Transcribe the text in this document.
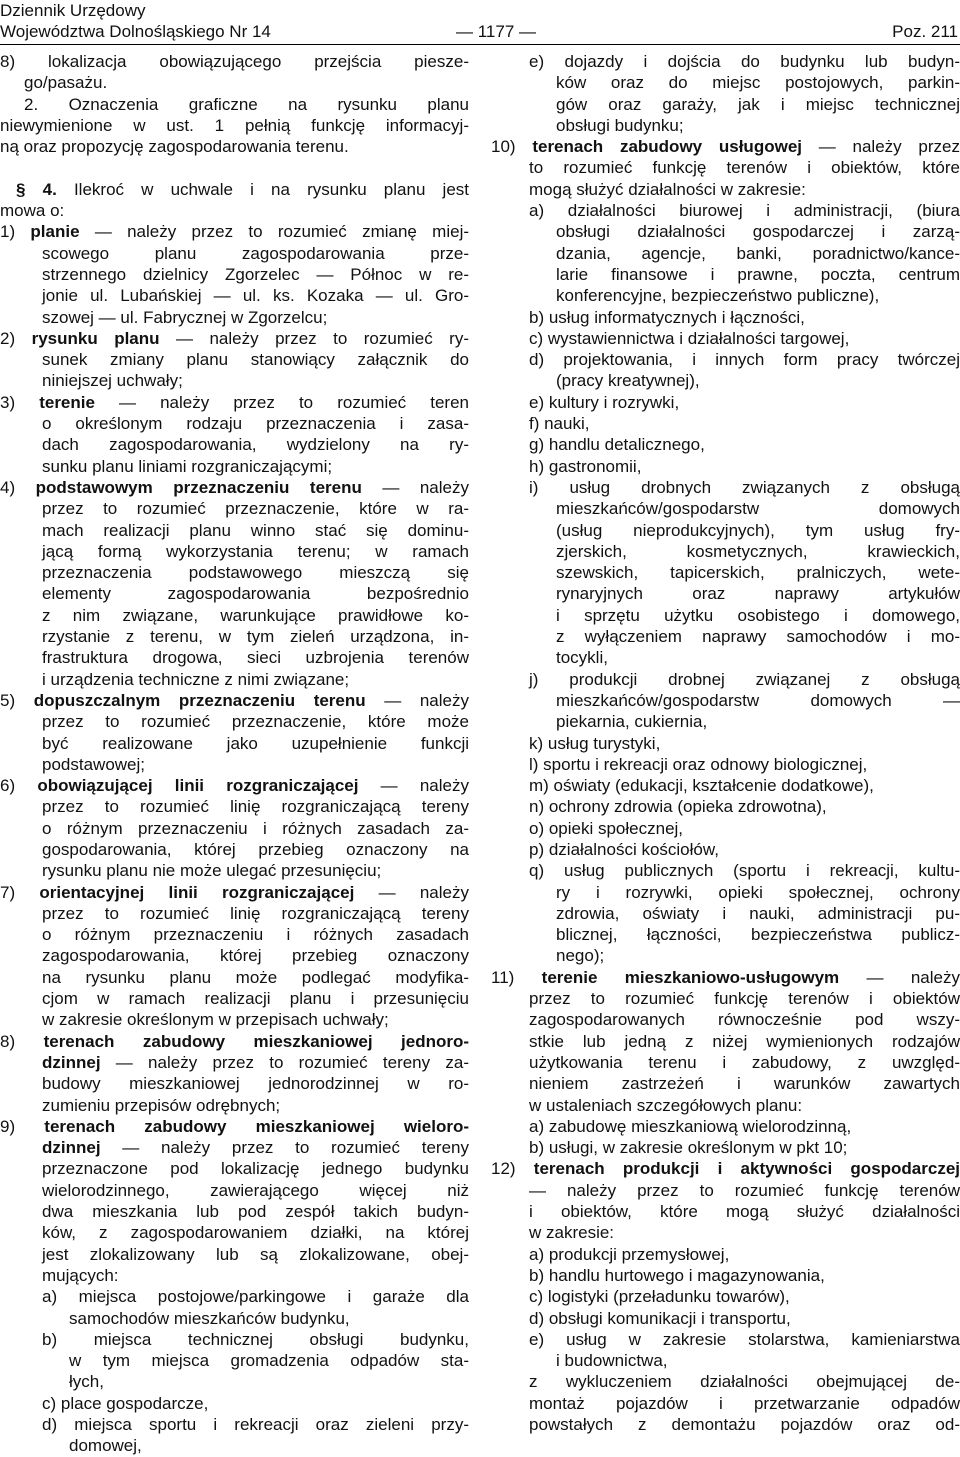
Dziennik Urzędowy
Województwa Dolnośląskiego Nr 14	— 1177 —	Poz. 211
8) lokalizacja obowiązującego przejścia piesze-
go/pasażu.
2. Oznaczenia graficzne na rysunku planu
niewymienione w ust. 1 pełnią funkcję informacyj-
ną oraz propozycję zagospodarowania terenu.
§ 4. Ilekroć w uchwale i na rysunku planu jest
mowa o:
1) planie — należy przez to rozumieć zmianę miej-
scowego planu zagospodarowania prze-
strzennego dzielnicy Zgorzelec — Północ w re-
jonie ul. Lubańskiej — ul. ks. Kozaka — ul. Gro-
szowej — ul. Fabrycznej w Zgorzelcu;
2) rysunku planu — należy przez to rozumieć ry-
sunek zmiany planu stanowiący załącznik do
niniejszej uchwały;
3) terenie — należy przez to rozumieć teren
o określonym rodzaju przeznaczenia i zasa-
dach zagospodarowania, wydzielony na ry-
sunku planu liniami rozgraniczającymi;
4) podstawowym przeznaczeniu terenu — należy
przez to rozumieć przeznaczenie, które w ra-
mach realizacji planu winno stać się dominu-
jącą formą wykorzystania terenu; w ramach
przeznaczenia podstawowego mieszczą się
elementy zagospodarowania bezpośrednio
z nim związane, warunkujące prawidłowe ko-
rzystanie z terenu, w tym zieleń urządzona, in-
frastruktura drogowa, sieci uzbrojenia terenów
i urządzenia techniczne z nimi związane;
5) dopuszczalnym przeznaczeniu terenu — należy
przez to rozumieć przeznaczenie, które może
być realizowane jako uzupełnienie funkcji
podstawowej;
6) obowiązującej linii rozgraniczającej — należy
przez to rozumieć linię rozgraniczającą tereny
o różnym przeznaczeniu i różnych zasadach za-
gospodarowania, której przebieg oznaczony na
rysunku planu nie może ulegać przesunięciu;
7) orientacyjnej linii rozgraniczającej — należy
przez to rozumieć linię rozgraniczającą tereny
o różnym przeznaczeniu i różnych zasadach
zagospodarowania, której przebieg oznaczony
na rysunku planu może podlegać modyfika-
cjom w ramach realizacji planu i przesunięciu
w zakresie określonym w przepisach uchwały;
8) terenach zabudowy mieszkaniowej jednoro-
dzinnej — należy przez to rozumieć tereny za-
budowy mieszkaniowej jednorodzinnej w ro-
zumieniu przepisów odrębnych;
9) terenach zabudowy mieszkaniowej wieloro-
dzinnej — należy przez to rozumieć tereny
przeznaczone pod lokalizację jednego budynku
wielorodzinnego, zawierającego więcej niż
dwa mieszkania lub pod zespół takich budyn-
ków, z zagospodarowaniem działki, na której
jest zlokalizowany lub są zlokalizowane, obej-
mujących:
a) miejsca postojowe/parkingowe i garaże dla
samochodów mieszkańców budynku,
b) miejsca technicznej obsługi budynku,
w tym miejsca gromadzenia odpadów sta-
łych,
c) place gospodarcze,
d) miejsca sportu i rekreacji oraz zieleni przy-
domowej,
e) dojazdy i dojścia do budynku lub budyn-
ków oraz do miejsc postojowych, parkin-
gów oraz garaży, jak i miejsc technicznej
obsługi budynku;
10) terenach zabudowy usługowej — należy przez
to rozumieć funkcję terenów i obiektów, które
mogą służyć działalności w zakresie:
a) działalności biurowej i administracji, (biura
obsługi działalności gospodarczej i zarzą-
dzania, agencje, banki, poradnictwo/kance-
larie finansowe i prawne, poczta, centrum
konferencyjne, bezpieczeństwo publiczne),
b) usług informatycznych i łączności,
c) wystawiennictwa i działalności targowej,
d) projektowania, i innych form pracy twórczej
(pracy kreatywnej),
e) kultury i rozrywki,
f) nauki,
g) handlu detalicznego,
h) gastronomii,
i) usług drobnych związanych z obsługą
mieszkańców/gospodarstw domowych
(usług nieprodukcyjnych), tym usług fry-
zjerskich, kosmetycznych, krawieckich,
szewskich, tapicerskich, pralniczych, wete-
rynaryjnych oraz naprawy artykułów
i sprzętu użytku osobistego i domowego,
z wyłączeniem naprawy samochodów i mo-
tocykli,
j) produkcji drobnej związanej z obsługą
mieszkańców/gospodarstw domowych —
piekarnia, cukiernia,
k) usług turystyki,
l) sportu i rekreacji oraz odnowy biologicznej,
m) oświaty (edukacji, kształcenie dodatkowe),
n) ochrony zdrowia (opieka zdrowotna),
o) opieki społecznej,
p) działalności kościołów,
q) usług publicznych (sportu i rekreacji, kultu-
ry i rozrywki, opieki społecznej, ochrony
zdrowia, oświaty i nauki, administracji pu-
blicznej, łączności, bezpieczeństwa publicz-
nego);
11) terenie mieszkaniowo-usługowym — należy
przez to rozumieć funkcję terenów i obiektów
zagospodarowanych równocześnie pod wszy-
stkie lub jedną z niżej wymienionych rodzajów
użytkowania terenu i zabudowy, z uwzględ-
nieniem zastrzeżeń i warunków zawartych
w ustaleniach szczegółowych planu:
a) zabudowę mieszkaniową wielorodzinną,
b) usługi, w zakresie określonym w pkt 10;
12) terenach produkcji i aktywności gospodarczej
— należy przez to rozumieć funkcję terenów
i obiektów, które mogą służyć działalności
w zakresie:
a) produkcji przemysłowej,
b) handlu hurtowego i magazynowania,
c) logistyki (przeładunku towarów),
d) obsługi komunikacji i transportu,
e) usług w zakresie stolarstwa, kamieniarstwa
i budownictwa,
z wykluczeniem działalności obejmującej de-
montaż pojazdów i przetwarzanie odpadów
powstałych z demontażu pojazdów oraz od-
